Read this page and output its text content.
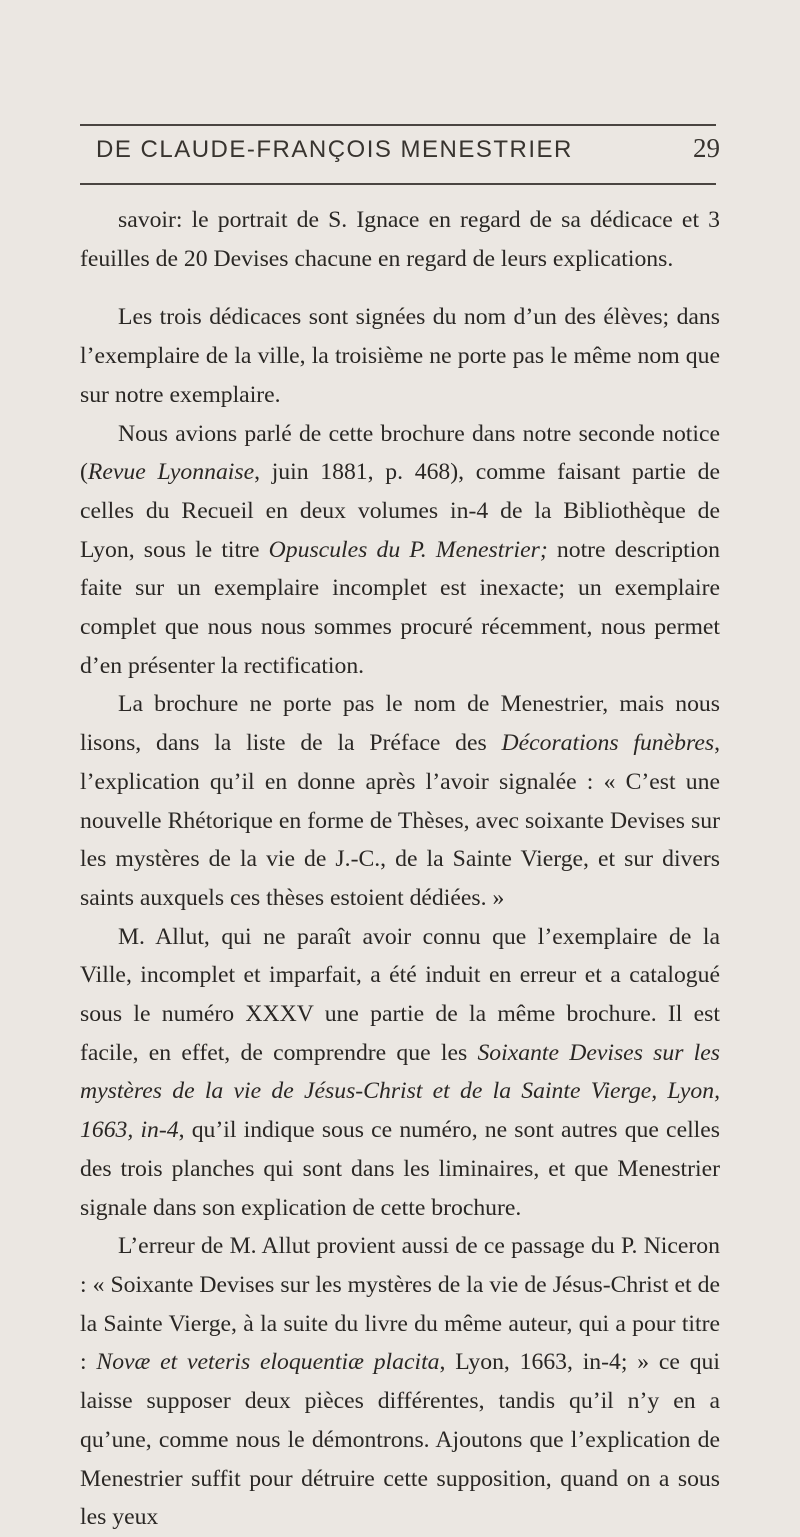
DE CLAUDE-FRANÇOIS MENESTRIER	29

savoir: le portrait de S. Ignace en regard de sa dédicace et 3 feuilles de 20 Devises chacune en regard de leurs explications.

Les trois dédicaces sont signées du nom d’un des élèves; dans l’exemplaire de la ville, la troisième ne porte pas le même nom que sur notre exemplaire.

Nous avions parlé de cette brochure dans notre seconde notice (Revue Lyonnaise, juin 1881, p. 468), comme faisant partie de celles du Recueil en deux volumes in-4 de la Bibliothèque de Lyon, sous le titre Opuscules du P. Menestrier; notre description faite sur un exemplaire incomplet est inexacte; un exemplaire complet que nous nous sommes procuré récemment, nous permet d’en présenter la rectification.

La brochure ne porte pas le nom de Menestrier, mais nous lisons, dans la liste de la Préface des Décorations funèbres, l’explication qu’il en donne après l’avoir signalée : « C’est une nouvelle Rhétorique en forme de Thèses, avec soixante Devises sur les mystères de la vie de J.-C., de la Sainte Vierge, et sur divers saints auxquels ces thèses estoient dédiées. »

M. Allut, qui ne paraît avoir connu que l’exemplaire de la Ville, incomplet et imparfait, a été induit en erreur et a catalogué sous le numéro XXXV une partie de la même brochure. Il est facile, en effet, de comprendre que les Soixante Devises sur les mystères de la vie de Jésus-Christ et de la Sainte Vierge, Lyon, 1663, in-4, qu’il indique sous ce numéro, ne sont autres que celles des trois planches qui sont dans les liminaires, et que Menestrier signale dans son explication de cette brochure.

L’erreur de M. Allut provient aussi de ce passage du P. Niceron : « Soixante Devises sur les mystères de la vie de Jésus-Christ et de la Sainte Vierge, à la suite du livre du même auteur, qui a pour titre : Novæ et veteris eloquentiæ placita, Lyon, 1663, in-4; » ce qui laisse supposer deux pièces différentes, tandis qu’il n’y en a qu’une, comme nous le démontrons. Ajoutons que l’explication de Menestrier suffit pour détruire cette supposition, quand on a sous les yeux
